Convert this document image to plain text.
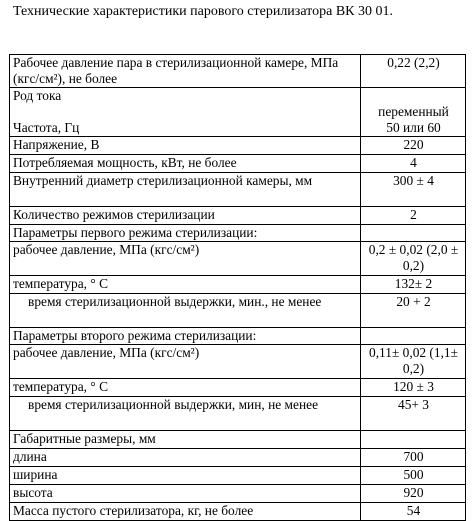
Технические характеристики парового стерилизатора ВК 30 01.
Рабочее давление пара в стерилизационной камере, МПа (кгс/см²), не более	0,22 (2,2)
Род тока	переменный
Частота, Гц	50 или 60
Напряжение, В	220
Потребляемая мощность, кВт, не более	4
Внутренний диаметр стерилизационной камеры, мм	300 ± 4
Количество режимов стерилизации	2
Параметры первого режима стерилизации:	
рабочее давление, МПа (кгс/см²)	0,2 ± 0,02 (2,0 ± 0,2)
температура, ° С	132± 2

время стерилизационной выдержки, мин., не менее	20 + 2
Параметры второго режима стерилизации:	
рабочее давление, МПа (кгс/см²)	0,11± 0,02 (1,1± 0,2)
температура, ° С	120 ± 3

время стерилизационной выдержки, мин, не менее	45+ 3
Габаритные размеры, мм	
длина	700
ширина	500
высота	920
Масса пустого стерилизатора, кг, не более	54
